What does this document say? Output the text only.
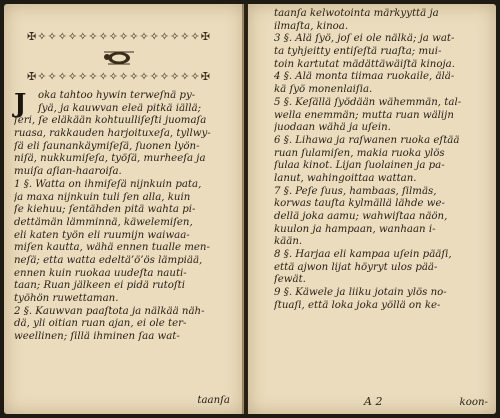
✠✧✧✧✧✧✧✧✧✧✧✧✧✧✧✧✧✠
✠✧✧✧✧✧✧✧✧✧✧✧✧✧✧✧✧✠
J	oka tahtoo hywin terweſnä py-
ſyä, ja kauwvan eleä pitkä iällä;
ſeri, ſe eläkään kohtuulliſeſti juomaſa
ruasa, rakkauden harjoituxeſa, tyllwy-
ſä eli ſaunankäymiſeſä, ſuonen lyön-
niſä, nukkumiſeſa, työſä, murheeſa ja
muiſa aſian-haaroiſa.
1 §. Watta on ihmiſeſä nijnkuin pata,
ja maxa nijnkuin tuli ſen alla, kuin
ſe kiehuu; ſentähden pitä wahta pi-
dettämän lämminnä, käwelemiſen,
eli katen työn eli ruumijn waiwaa-
miſen kautta, wähä ennen tualle men-
neſä; etta watta edeltä’ö’ös lämpiää,
ennen kuin ruokaa uudeſta nauti-
taan; Ruan jälkeen ei pidä rutoſti
työhön ruwettaman.
2 §. Kauwvan paaſtota ja nälkää näh-
dä, yli oitian ruan ajan, ei ole ter-
weellinen; ſillä ihminen ſaa wat-
taanſa
taanſa kelwotointa märkyyttä ja
ilmaſta, kinoa.
3 §. Älä ſyö, joſ ei ole nälkä; ja wat-
ta tyhjeitty entiſeſtä ruaſta; mui-
toin kartutat mädättäwäiſtä kinoja.
4 §. Älä monta tiimaa ruokaile, älä-
kä ſyö monenlaiſia.
5 §. Keſällä ſyödään wähemmän, tal-
wella enemmän; mutta ruan wälijn
juodaan wähä ja uſein.
6 §. Lihawa ja raſwanen ruoka eſtää
ruan ſulamiſen, makia ruoka ylös
ſulaa kinot. Lijan ſuolainen ja pa-
lanut, wahingoittaa wattan.
7 §. Peſe ſuus, hambaas, ſilmäs,
korwas tauſta kylmällä lähde we-
dellä joka aamu; wahwiſtaa näön,
kuulon ja hampaan, wanhaan i-
kään.
8 §. Harjaa eli kampaa uſein pääſi,
että ajwon lijat höyryt ulos pää-
ſewät.
9 §. Käwele ja liiku jotain ylös no-
ſtuaſi, että loka joka yöllä on ke-
A 2	koon-
